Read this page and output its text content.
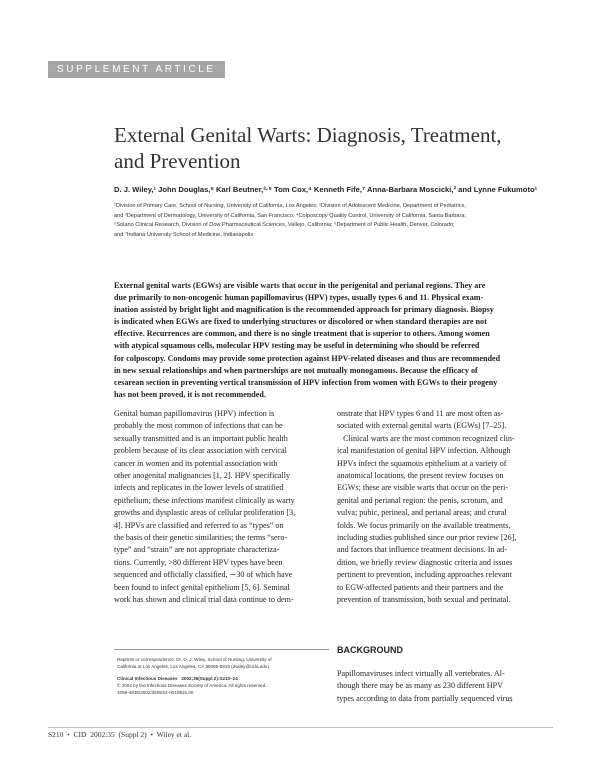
SUPPLEMENT ARTICLE
External Genital Warts: Diagnosis, Treatment,
and Prevention
D. J. Wiley,¹ John Douglas,⁶ Karl Beutner,³·⁵ Tom Cox,⁴ Kenneth Fife,⁷ Anna-Barbara Moscicki,² and Lynne Fukumoto¹
¹Division of Primary Care, School of Nursing, University of California, Los Angeles; ²Division of Adolescent Medicine, Department of Pediatrics,
and ³Department of Dermatology, University of California, San Francisco; ⁴Colposcopy Quality Control, University of California, Santa Barbara;
⁵Solano Clinical Research, Division of Dow Pharmaceutical Sciences, Vallejo, California; ⁶Department of Public Health, Denver, Colorado;
and ⁷Indiana University School of Medicine, Indianapolis
External genital warts (EGWs) are visible warts that occur in the perigenital and perianal regions. They are
due primarily to non-oncogenic human papillomavirus (HPV) types, usually types 6 and 11. Physical exam-
ination assisted by bright light and magnification is the recommended approach for primary diagnosis. Biopsy
is indicated when EGWs are fixed to underlying structures or discolored or when standard therapies are not
effective. Recurrences are common, and there is no single treatment that is superior to others. Among women
with atypical squamous cells, molecular HPV testing may be useful in determining who should be referred
for colposcopy. Condoms may provide some protection against HPV-related diseases and thus are recommended
in new sexual relationships and when partnerships are not mutually monogamous. Because the efficacy of
cesarean section in preventing vertical transmission of HPV infection from women with EGWs to their progeny
has not been proved, it is not recommended.
Genital human papillomavirus (HPV) infection is
probably the most common of infections that can be
sexually transmitted and is an important public health
problem because of its clear association with cervical
cancer in women and its potential association with
other anogenital malignancies [1, 2]. HPV specifically
infects and replicates in the lower levels of stratified
epithelium; these infections manifest clinically as warty
growths and dysplastic areas of cellular proliferation [3,
4]. HPVs are classified and referred to as “types” on
the basis of their genetic similarities; the terms “sero-
type” and “strain” are not appropriate characteriza-
tions. Currently, >80 different HPV types have been
sequenced and officially classified, ∼30 of which have
been found to infect genital epithelium [5, 6]. Seminal
work has shown and clinical trial data continue to dem-
onstrate that HPV types 6 and 11 are most often as-
sociated with external genital warts (EGWs) [7–25].
Clinical warts are the most common recognized clin-
ical manifestation of genital HPV infection. Although
HPVs infect the squamous epithelium at a variety of
anatomical locations, the present review focuses on
EGWs; these are visible warts that occur on the peri-
genital and perianal region: the penis, scrotum, and
vulva; pubic, perineal, and perianal areas; and crural
folds. We focus primarily on the available treatments,
including studies published since our prior review [26],
and factors that influence treatment decisions. In ad-
dition, we briefly review diagnostic criteria and issues
pertinent to prevention, including approaches relevant
to EGW-affected patients and their partners and the
prevention of transmission, both sexual and perinatal.
Reprints or correspondence: Dr. D. J. Wiley, School of Nursing, University of
California at Los Angeles, Los Angeles, CA 90095-6919 (dwiley@ucla.edu).
Clinical Infectious Diseases   2002;35(Suppl 2):S210–24
© 2002 by the Infectious Diseases Society of America. All rights reserved.
1058-4838/2002/3505S2-0010$15.00
BACKGROUND
Papillomaviruses infect virtually all vertebrates. Al-
though there may be as many as 230 different HPV
types according to data from partially sequenced virus
S210  •  CID  2002:35  (Suppl 2)  •  Wiley et al.
